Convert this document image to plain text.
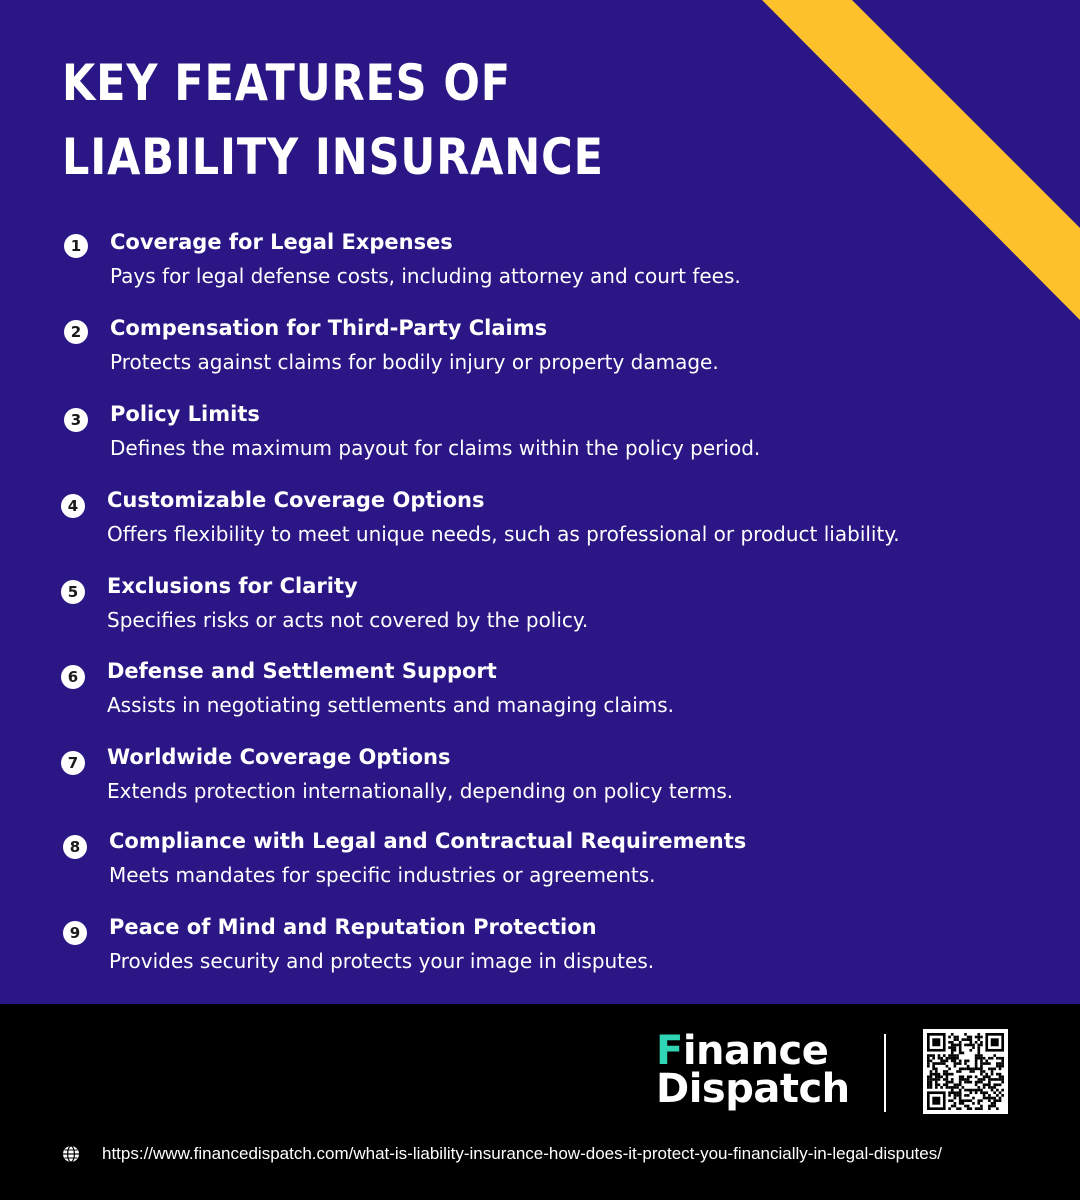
KEY FEATURES OF LIABILITY INSURANCE
1	Coverage for Legal Expenses
Pays for legal defense costs, including attorney and court fees.
2	Compensation for Third-Party Claims
Protects against claims for bodily injury or property damage.
3	Policy Limits
Defines the maximum payout for claims within the policy period.
4	Customizable Coverage Options
Offers flexibility to meet unique needs, such as professional or product liability.
5	Exclusions for Clarity
Specifies risks or acts not covered by the policy.
6	Defense and Settlement Support
Assists in negotiating settlements and managing claims.
7	Worldwide Coverage Options
Extends protection internationally, depending on policy terms.
8	Compliance with Legal and Contractual Requirements
Meets mandates for specific industries or agreements.
9	Peace of Mind and Reputation Protection
Provides security and protects your image in disputes.
Finance
Dispatch
https://www.financedispatch.com/what-is-liability-insurance-how-does-it-protect-you-financially-in-legal-disputes/
